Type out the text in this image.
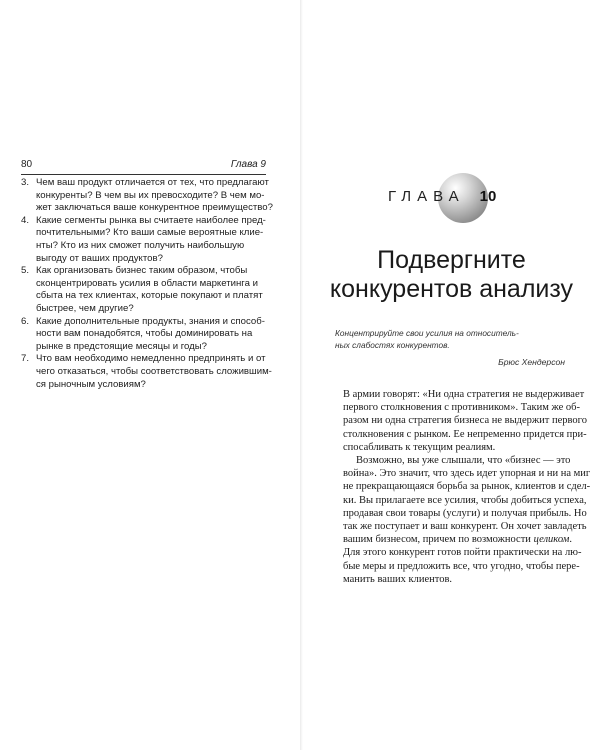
80	Глава 9
3. Чем ваш продукт отличается от тех, что предлагают
конкуренты? В чем вы их превосходите? В чем мо-
жет заключаться ваше конкурентное преимущество?
4. Какие сегменты рынка вы считаете наиболее пред-
почтительными? Кто ваши самые вероятные клие-
нты? Кто из них сможет получить наибольшую
выгоду от ваших продуктов?
5. Как организовать бизнес таким образом, чтобы
сконцентрировать усилия в области маркетинга и
сбыта на тех клиентах, которые покупают и платят
быстрее, чем другие?
6. Какие дополнительные продукты, знания и способ-
ности вам понадобятся, чтобы доминировать на
рынке в предстоящие месяцы и годы?
7. Что вам необходимо немедленно предпринять и от
чего отказаться, чтобы соответствовать сложившим-
ся рыночным условиям?
ГЛАВА	10
Подвергните
конкурентов анализу
Концентрируйте свои усилия на относитель-
ных слабостях конкурентов.
Брюс Хендерсон

В армии говорят: «Ни одна стратегия не выдерживает
первого столкновения с противником». Таким же об-
разом ни одна стратегия бизнеса не выдержит первого
столкновения с рынком. Ее непременно придется при-
спосабливать к текущим реалиям.

Возможно, вы уже слышали, что «бизнес — это
война». Это значит, что здесь идет упорная и ни на миг
не прекращающаяся борьба за рынок, клиентов и сдел-
ки. Вы прилагаете все усилия, чтобы добиться успеха,
продавая свои товары (услуги) и получая прибыль. Но
так же поступает и ваш конкурент. Он хочет завладеть
вашим бизнесом, причем по возможности целиком.
Для этого конкурент готов пойти практически на лю-
бые меры и предложить все, что угодно, чтобы пере-
манить ваших клиентов.
